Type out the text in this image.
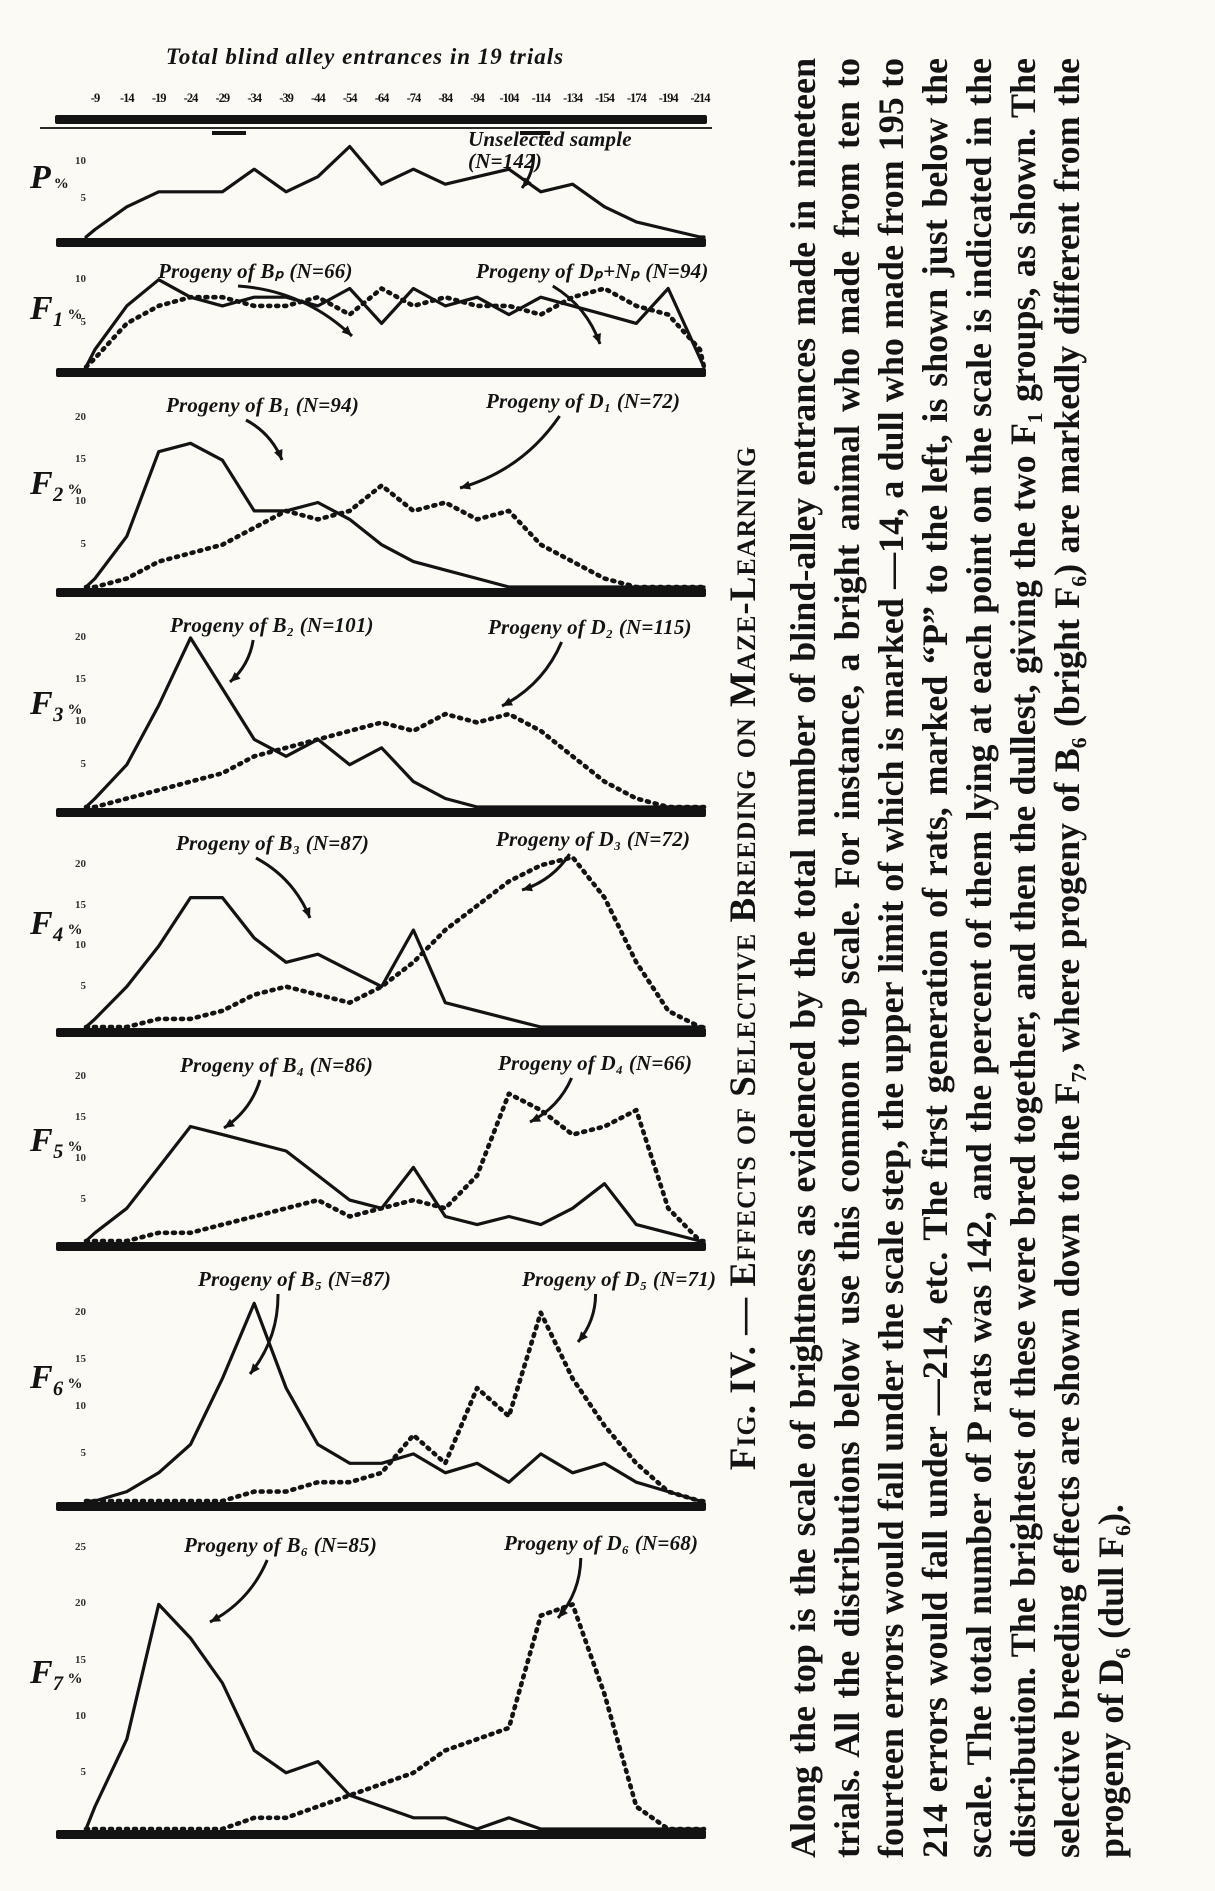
Total blind alley entrances in 19 trials
-9	-14	-19	-24	-29	-34	-39	-44	-54	-64	-74	-84	-94	-104	-114	-134	-154	-174	-194	-214
P %
5
10
Unselected sample (N=142)
F₁ %
5
10	Progeny of Bₚ (N=66)	Progeny of Dₚ+Nₚ (N=94)
F₂ %
5
10
15
20	Progeny of B₁ (N=94)	Progeny of D₁ (N=72)
F₃ %
5
10
15
20	Progeny of B₂ (N=101)	Progeny of D₂ (N=115)
F₄ %
5
10
15
20
Progeny of B₃ (N=87)	Progeny of D₃ (N=72)
F₅ %
5
10
15
20	Progeny of B₄ (N=86)	Progeny of D₄ (N=66)
F₆ %
5
10
15
20
Progeny of B₅ (N=87)	Progeny of D₅ (N=71)
F₇ %
5
10
15
20
25	Progeny of B₆ (N=85)	Progeny of D₆ (N=68)
Fig. IV. — Effects of Selective Breeding on Maze-Learning Along the top is the scale of brightness as evidenced by the total number of blind-alley entrances made in nineteen trials. All the distributions below use this common top scale. For instance, a bright animal who made from ten to fourteen errors would fall under the scale step, the upper limit of which is marked —14, a dull who made from 195 to 214 errors would fall under —214, etc. The first generation of rats, marked “P” to the left, is shown just below the scale. The total number of P rats was 142, and the percent of them lying at each point on the scale is indicated in the distribution. The brightest of these were bred together, and then the dullest, giving the two F₁ groups, as shown. The selective breeding effects are shown down to the F₇, where progeny of B₆ (bright F₆) are markedly different from the progeny of D₆ (dull F₆).
